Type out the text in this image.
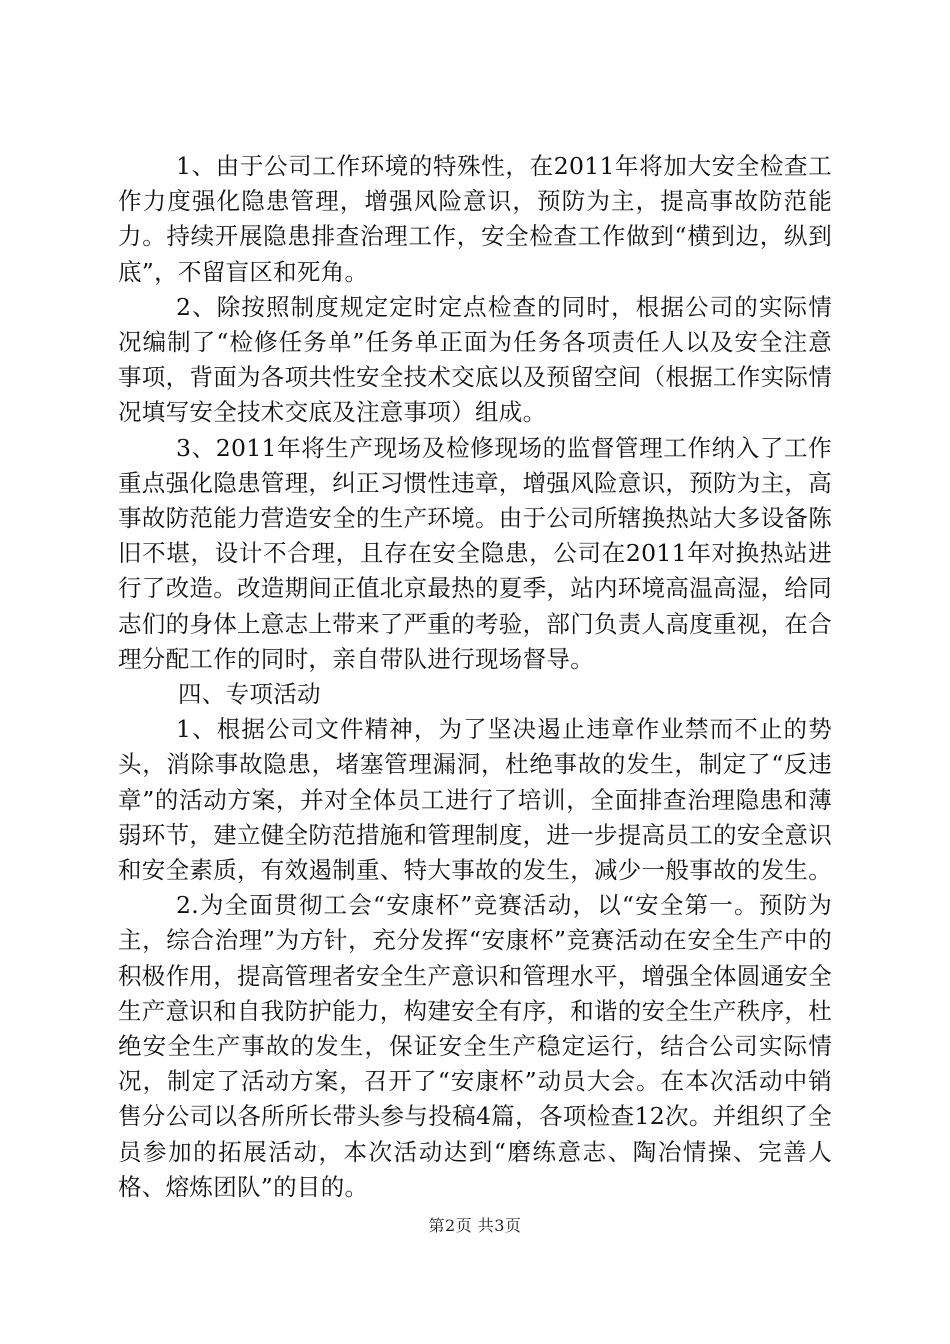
1、由于公司工作环境的特殊性，在2011年将加大安全检查工作力度强化隐患管理，增强风险意识，预防为主，提高事故防范能力。持续开展隐患排查治理工作，安全检查工作做到“横到边，纵到底”，不留盲区和死角。

2、除按照制度规定定时定点检查的同时，根据公司的实际情况编制了“检修任务单”任务单正面为任务各项责任人以及安全注意事项，背面为各项共性安全技术交底以及预留空间（根据工作实际情况填写安全技术交底及注意事项）组成。

3、2011年将生产现场及检修现场的监督管理工作纳入了工作重点强化隐患管理，纠正习惯性违章，增强风险意识，预防为主，高事故防范能力营造安全的生产环境。由于公司所辖换热站大多设备陈旧不堪，设计不合理，且存在安全隐患，公司在2011年对换热站进行了改造。改造期间正值北京最热的夏季，站内环境高温高湿，给同志们的身体上意志上带来了严重的考验，部门负责人高度重视，在合理分配工作的同时，亲自带队进行现场督导。

四、专项活动

1、根据公司文件精神，为了坚决遏止违章作业禁而不止的势头，消除事故隐患，堵塞管理漏洞，杜绝事故的发生，制定了“反违章”的活动方案，并对全体员工进行了培训，全面排查治理隐患和薄弱环节，建立健全防范措施和管理制度，进一步提高员工的安全意识和安全素质，有效遏制重、特大事故的发生，减少一般事故的发生。

2.为全面贯彻工会“安康杯”竞赛活动，以“安全第一。预防为主，综合治理”为方针，充分发挥“安康杯”竞赛活动在安全生产中的积极作用，提高管理者安全生产意识和管理水平，增强全体圆通安全生产意识和自我防护能力，构建安全有序，和谐的安全生产秩序，杜绝安全生产事故的发生，保证安全生产稳定运行，结合公司实际情况，制定了活动方案，召开了“安康杯”动员大会。在本次活动中销售分公司以各所所长带头参与投稿4篇，各项检查12次。并组织了全员参加的拓展活动，本次活动达到“磨练意志、陶冶情操、完善人格、熔炼团队”的目的。

第2页 共3页
